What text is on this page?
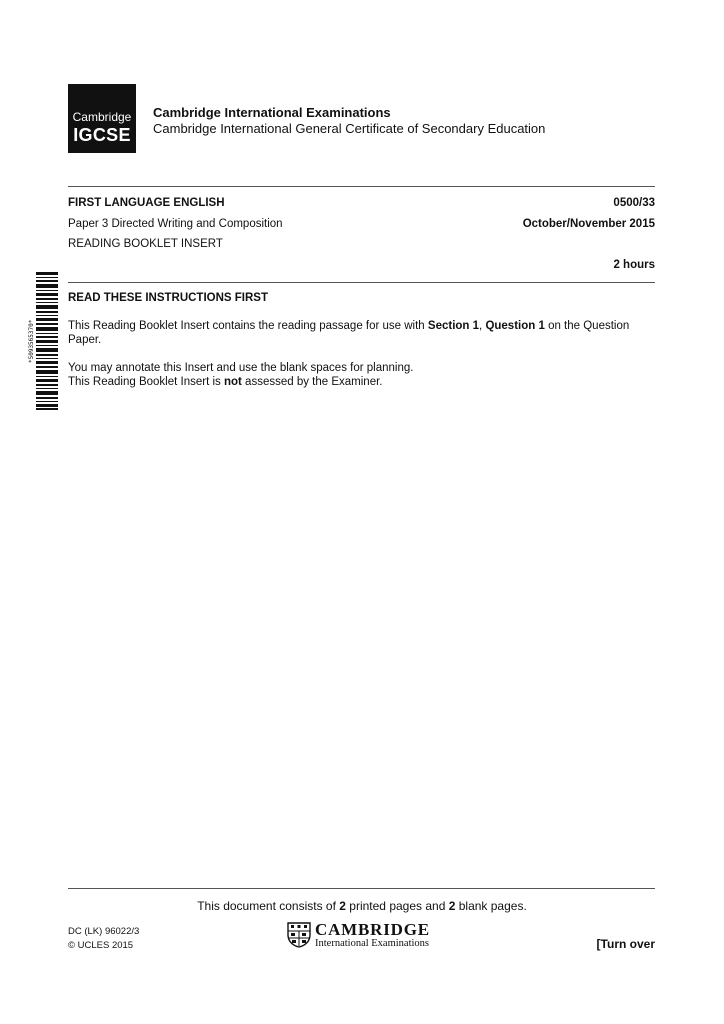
Cambridge
IGCSE
Cambridge International Examinations
Cambridge International General Certificate of Secondary Education
FIRST LANGUAGE ENGLISH	0500/33
Paper 3 Directed Writing and Composition	October/November 2015
READING BOOKLET INSERT
2 hours
*5093565370*
READ THESE INSTRUCTIONS FIRST
This Reading Booklet Insert contains the reading passage for use with Section 1, Question 1 on the Question Paper.
You may annotate this Insert and use the blank spaces for planning.
This Reading Booklet Insert is not assessed by the Examiner.
This document consists of 2 printed pages and 2 blank pages.
DC (LK) 96022/3
© UCLES 2015
CAMBRIDGE
International Examinations	[Turn over
